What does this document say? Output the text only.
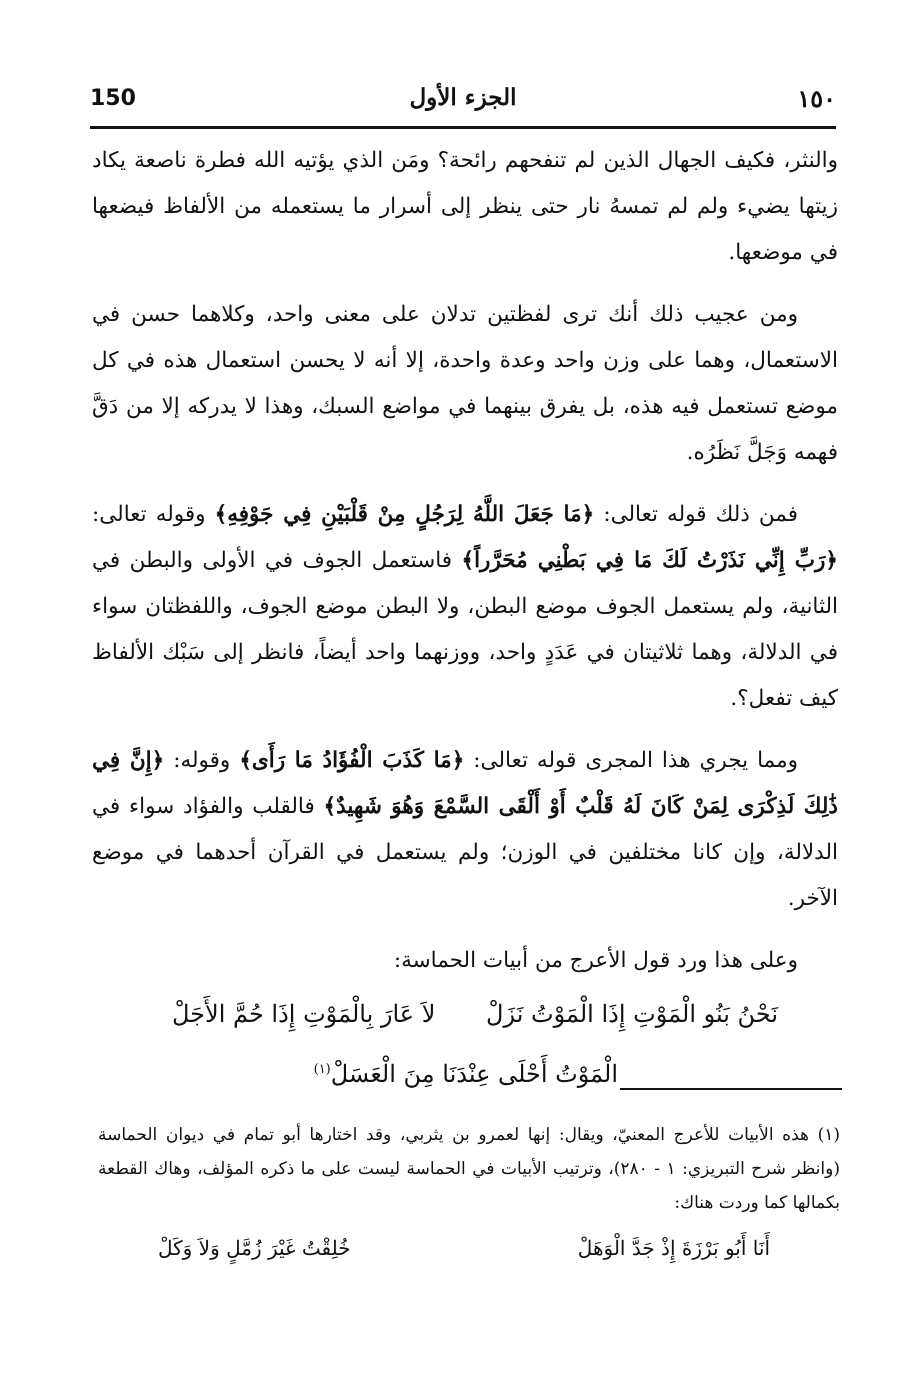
150	الجزء الأول	١٥٠

والنثر، فكيف الجهال الذين لم تنفحهم رائحة؟ ومَن الذي يؤتيه الله فطرة ناصعة يكاد زيتها يضيء ولم لم تمسهُ نار حتى ينظر إلى أسرار ما يستعمله من الألفاظ فيضعها في موضعها.

ومن عجيب ذلك أنك ترى لفظتين تدلان على معنى واحد، وكلاهما حسن في الاستعمال، وهما على وزن واحد وعدة واحدة، إلا أنه لا يحسن استعمال هذه في كل موضع تستعمل فيه هذه، بل يفرق بينهما في مواضع السبك، وهذا لا يدركه إلا من دَقَّ فهمه وَجَلَّ نَظَرُه.

فمن ذلك قوله تعالى: ﴿مَا جَعَلَ اللَّهُ لِرَجُلٍ مِنْ قَلْبَيْنِ فِي جَوْفِهِ﴾ وقوله تعالى: ﴿رَبِّ إِنِّي نَذَرْتُ لَكَ مَا فِي بَطْنِي مُحَرَّراً﴾ فاستعمل الجوف في الأولى والبطن في الثانية، ولم يستعمل الجوف موضع البطن، ولا البطن موضع الجوف، واللفظتان سواء في الدلالة، وهما ثلاثيتان في عَدَدٍ واحد، ووزنهما واحد أيضاً، فانظر إلى سَبْك الألفاظ كيف تفعل؟.

ومما يجري هذا المجرى قوله تعالى: ﴿مَا كَذَبَ الْفُؤَادُ مَا رَأَى﴾ وقوله: ﴿إِنَّ فِي ذَٰلِكَ لَذِكْرَى لِمَنْ كَانَ لَهُ قَلْبٌ أَوْ أَلْقَى السَّمْعَ وَهُوَ شَهِيدٌ﴾ فالقلب والفؤاد سواء في الدلالة، وإن كانا مختلفين في الوزن؛ ولم يستعمل في القرآن أحدهما في موضع الآخر.

وعلى هذا ورد قول الأعرج من أبيات الحماسة:

نَحْنُ بَنُو الْمَوْتِ إِذَا الْمَوْتُ نَزَلْ
لاَ عَارَ بِالْمَوْتِ إِذَا حُمَّ الأَجَلْ
الْمَوْتُ أَحْلَى عِنْدَنَا مِنَ الْعَسَلْ$^{(١)}$

(١) هذه الأبيات للأعرج المعنيّ، ويقال: إنها لعمرو بن يثربي، وقد اختارها أبو تمام في ديوان الحماسة (وانظر شرح التبريزي: ١ - ٢٨٠)، وترتيب الأبيات في الحماسة ليست على ما ذكره المؤلف، وهاك القطعة بكمالها كما وردت هناك:

أَنَا أَبُو بَرْزَةَ إِذْ جَدَّ الْوَهَلْ
خُلِقْتُ غَيْرَ زُمَّلٍ وَلاَ وَكَلْ
